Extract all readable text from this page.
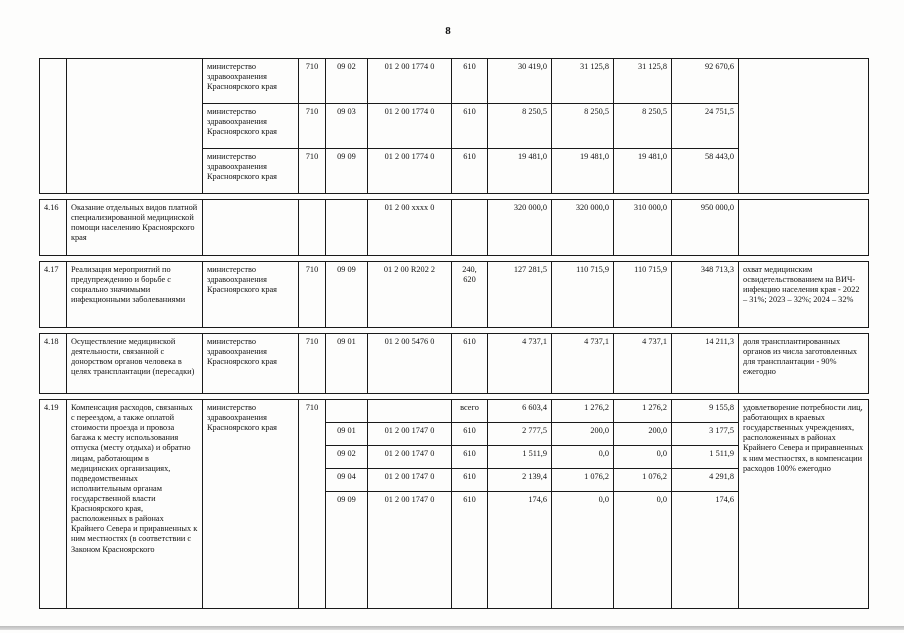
8
		министерство здравоохранения Красноярского края	710	09 02	01 2 00 1774 0	610	30 419,0	31 125,8	31 125,8	92 670,6	
		министерство здравоохранения Красноярского края	710	09 03	01 2 00 1774 0	610	8 250,5	8 250,5	8 250,5	24 751,5	
		министерство здравоохранения Красноярского края	710	09 09	01 2 00 1774 0	610	19 481,0	19 481,0	19 481,0	58 443,0	

4.16	Оказание отдельных видов платной специализированной медицинской помощи населению Красноярского края				01 2 00 xxxx 0		320 000,0	320 000,0	310 000,0	950 000,0	

4.17	Реализация мероприятий по предупреждению и борьбе с социально значимыми инфекционными заболеваниями	министерство здравоохранения Красноярского края	710	09 09	01 2 00 R202 2	240, 620	127 281,5	110 715,9	110 715,9	348 713,3	охват медицинским освидетельствованием на ВИЧ-инфекцию населения края - 2022 – 31%; 2023 – 32%; 2024 – 32%

4.18	Осуществление медицинской деятельности, связанной с донорством органов человека в целях трансплантации (пересадки)	министерство здравоохранения Красноярского края	710	09 01	01 2 00 5476 0	610	4 737,1	4 737,1	4 737,1	14 211,3	доля трансплантированных органов из числа заготовленных для трансплантации - 90% ежегодно

4.19	Компенсация расходов, связанных с переездом, а также оплатой стоимости проезда и провоза багажа к месту использования отпуска (месту отдыха) и обратно лицам, работающим в медицинских организациях, подведомственных исполнительным органам государственной власти Красноярского края, расположенных в районах Крайнего Севера и приравненных к ним местностях (в соответствии с Законом Красноярского	министерство здравоохранения Красноярского края	710			всего	6 603,4	1 276,2	1 276,2	9 155,8	удовлетворение потребности лиц, работающих в краевых государственных учреждениях, расположенных в районах Крайнего Севера и приравненных к ним местностях, в компенсации расходов 100% ежегодно
				09 01	01 2 00 1747 0	610	2 777,5	200,0	200,0	3 177,5	
				09 02	01 2 00 1747 0	610	1 511,9	0,0	0,0	1 511,9	
				09 04	01 2 00 1747 0	610	2 139,4	1 076,2	1 076,2	4 291,8	
				09 09	01 2 00 1747 0	610	174,6	0,0	0,0	174,6	
